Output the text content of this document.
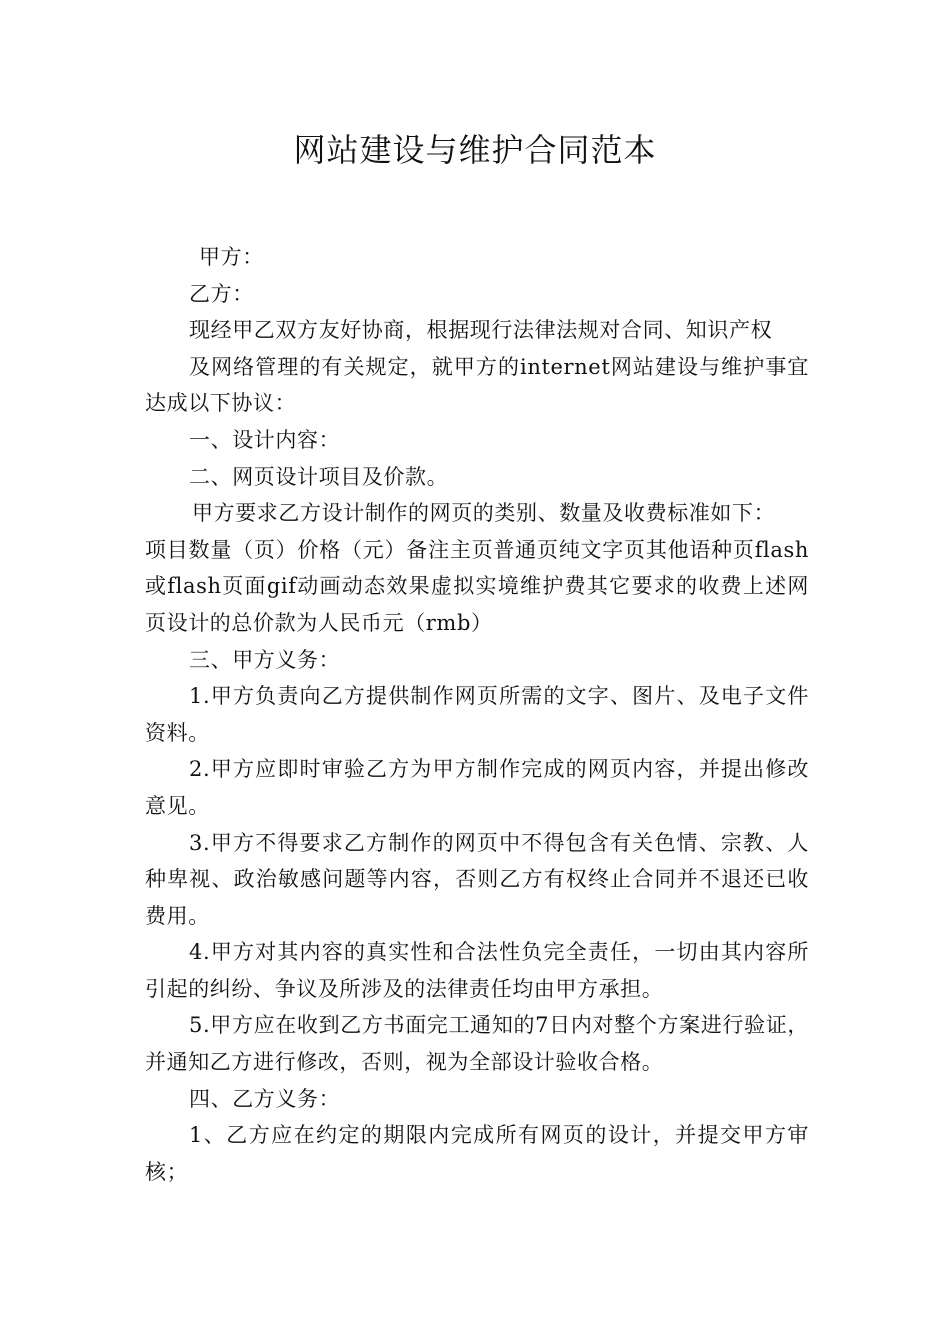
网站建设与维护合同范本

甲方：

乙方：

现经甲乙双方友好协商，根据现行法律法规对合同、知识产权

及网络管理的有关规定，就甲方的internet网站建设与维护事宜达成以下协议：

一、设计内容：

二、网页设计项目及价款。

甲方要求乙方设计制作的网页的类别、数量及收费标准如下：

项目数量（页）价格（元）备注主页普通页纯文字页其他语种页flash或flash页面gif动画动态效果虚拟实境维护费其它要求的收费上述网页设计的总价款为人民币元（rmb）

三、甲方义务：

1.甲方负责向乙方提供制作网页所需的文字、图片、及电子文件资料。

2.甲方应即时审验乙方为甲方制作完成的网页内容，并提出修改意见。

3.甲方不得要求乙方制作的网页中不得包含有关色情、宗教、人种卑视、政治敏感问题等内容，否则乙方有权终止合同并不退还已收费用。

4.甲方对其内容的真实性和合法性负完全责任，一切由其内容所引起的纠纷、争议及所涉及的法律责任均由甲方承担。

5.甲方应在收到乙方书面完工通知的7日内对整个方案进行验证，并通知乙方进行修改，否则，视为全部设计验收合格。

四、乙方义务：

1、乙方应在约定的期限内完成所有网页的设计，并提交甲方审核；
